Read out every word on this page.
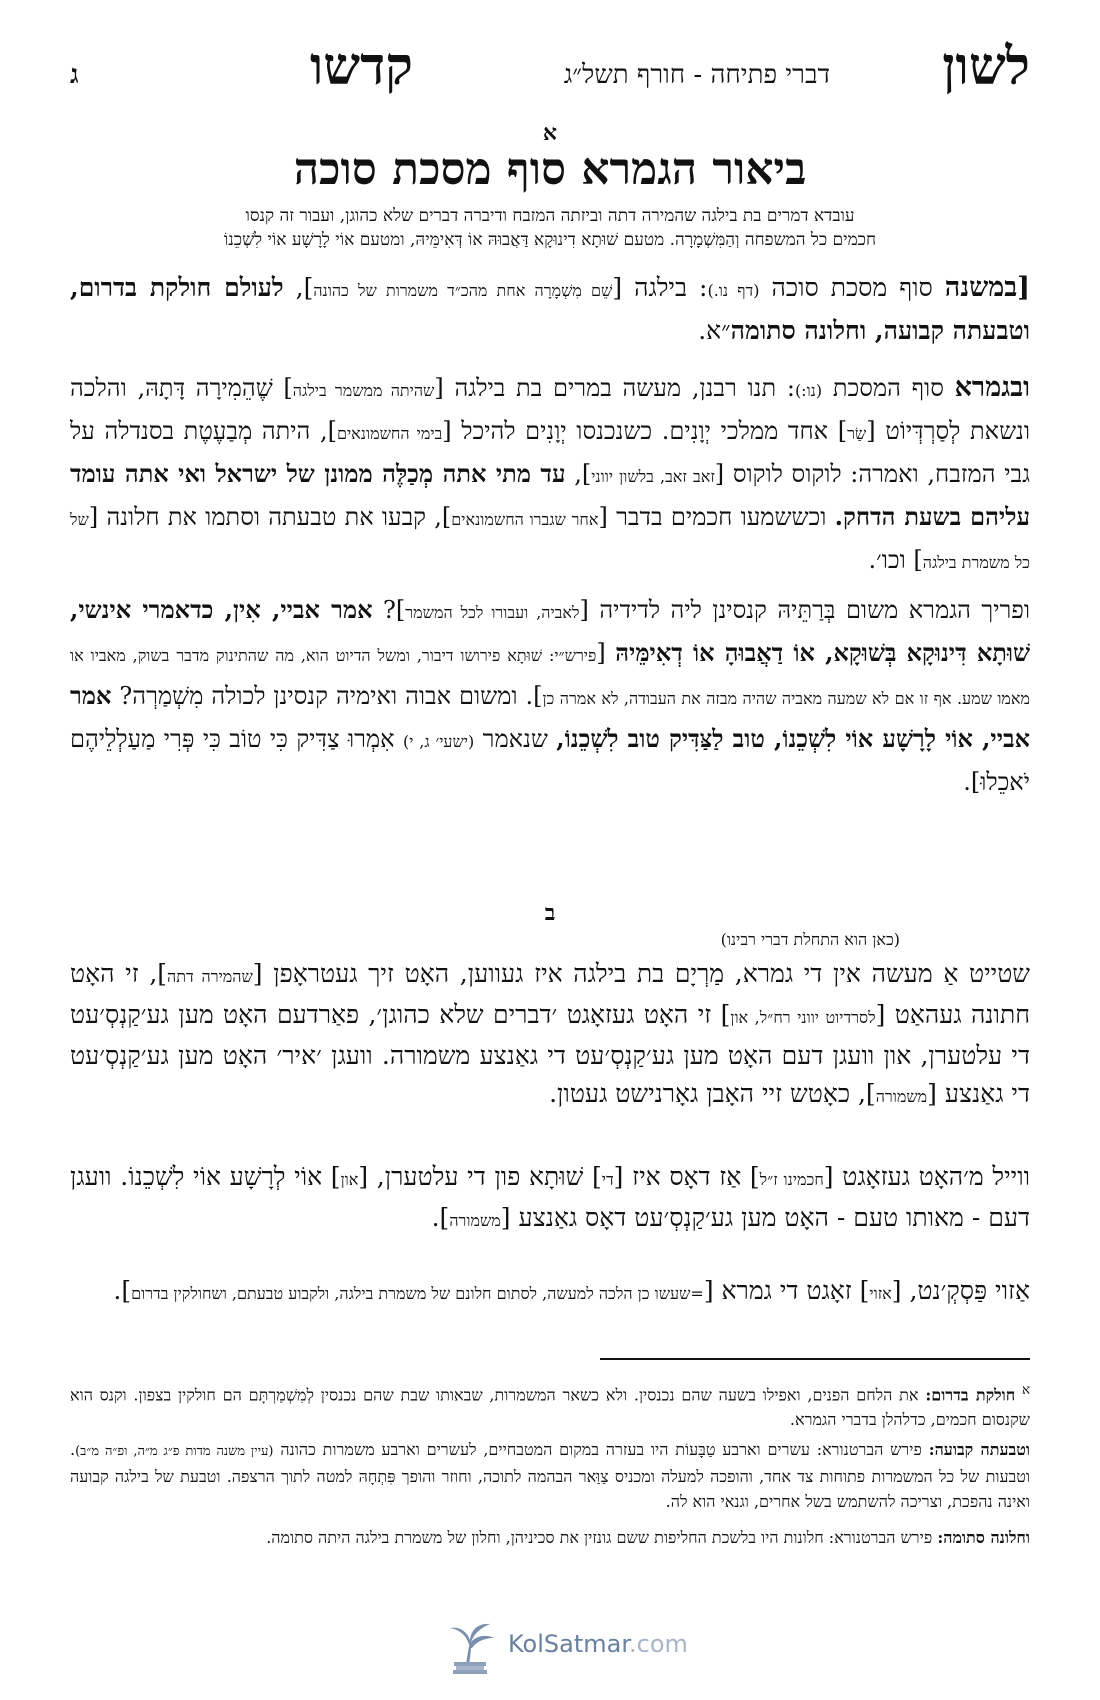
לשון
דברי פתיחה - חורף תשל״ג
קדשו
ג
א
ביאור הגמרא סוף מסכת סוכה
עובדא דמרים בת בילגה שהמירה דתה וביזתה המזבח ודיברה דברים שלא כהוגן, ועבור זה קנסו
חכמים כל המשפחה וְהַמִּשְׁמָרָה. מטעם שׁוּתָא דִינוּקָא דַּאֲבוּהּ אוֹ דְּאִימֵּיהּ, ומטעם אוֹי לָרָשָׁע אוֹי לִשְׁכֵנוֹ
[במשנה סוף מסכת סוכה (דף נו.): בילגה [שֵׁם מִשְׁמָרָה אחת מהכ״ד משמרות של כהונה], לעולם חולקת בדרום, וטבעתה קבועה, וחלונה סתומה״א.
ובגמרא סוף המסכת (נו:): תנו רבנן, מעשה במרים בת בילגה [שהיתה ממשמר בילגה] שֶׁהֵמִירָה דָּתָהּ, והלכה ונשאת לְסַרְדְּיוֹט [שַׂר] אחד ממלכי יְוָנִים. כשנכנסו יְוָנִים להיכל [בימי החשמונאים], היתה מְבַעֶטֶת בסנדלה על גבי המזבח, ואמרה: לוקוס לוקוס [זאב זאב, בלשון יווני], עד מתי אתה מְכַלֶּה ממונן של ישראל ואי אתה עומד עליהם בשעת הדחק. וכששמעו חכמים בדבר [אחר שגברו החשמונאים], קבעו את טבעתה וסתמו את חלונה [של כל משמרת בילגה] וכו׳.
ופריך הגמרא משום בְּרַתֵּיהּ קנסינן ליה לדידיה [לאביה, ועבורו לכל המשמר]? אמר אביי, אִין, כדאמרי אינשי, שׁוּתָא דִּינוּקָא בְּשׁוּקָא, אוֹ דַאֲבוּהָ אוֹ דְאִימֵּיהּ [פירש״י: שׁוּתָא פירושו דיבור, ומשל הדיוט הוא, מה שהתינוק מדבר בשוק, מאביו או מאמו שמע. אף זו אם לא שמעה מאביה שהיה מבזה את העבודה, לא אמרה כן]. ומשום אבוה ואימיה קנסינן לכולה מִשְׁמַרְה? אמר אביי, אוֹי לָרָשָׁע אוֹי לִשְׁכֵנוֹ, טוב לַצַּדִּיק טוב לִשְׁכֵנוֹ, שנאמר (ישעי׳ ג, י) אִמְרוּ צַדִּיק כִּי טוֹב כִּי פְּרִי מַעַלְלֵיהֶם יֹאכֵלוּ].
ב
(כאן הוא התחלת דברי רבינו)
שטייט אַ מעשה אין די גמרא, מַרְיָם בת בילגה איז געווען, האָט זיך געטראָפן [שהמירה דתה], זי האָט חתונה געהאַט [לסרדיוט יווני רח״ל, און] זי האָט געזאָגט ׳דברים שלא כהוגן׳, פאַרדעם האָט מען גע׳קַנְסְ׳עט די עלטערן, און וועגן דעם האָט מען גע׳קַנְסְ׳עט די גאַנצע משמורה. וועגן ׳איר׳ האָט מען גע׳קַנְסְ׳עט די גאַנצע [משמורה], כאָטש זיי האָבן גאָרנישט געטון.
ווייל מ׳האָט געזאָגט [חכמינו ז״ל] אַז דאָס איז [די] שׁוּתָא פון די עלטערן, [און] אוֹי לְרָשָׁע אוֹי לִשְׁכֵנוֹ. וועגן דעם - מאותו טעם - האָט מען גע׳קַנְסְ׳עט דאָס גאַנצע [משמורה].
אַזוי פַּסְקְ׳נט, [אזוי] זאָגט די גמרא [=שעשו כן הלכה למעשה, לסתום חלונם של משמרת בילגה, ולקבוע טבעתם, ושחולקין בדרום].
$^א$ חולקת בדרום: את הלחם הפנים, ואפילו בשעה שהם נכנסין. ולא כשאר המשמרות, שבאותו שבת שהם נכנסין לְמִשְׁמַרְתָּם הם חולקין בצפון. וקנס הוא שקנסום חכמים, כדלהלן בדברי הגמרא.
וטבעתה קבועה: פירש הברטנורא: עשרים וארבע טַבָּעוֹת היו בעזרה במקום המטבחיים, לעשרים וארבע משמרות כהונה (עיין משנה מדות פ״ג מ״ה, ופ״ה מ״ב). וטבעות של כל המשמרות פתוחות צד אחד, והופכה למעלה ומכניס צַוַּאר הבהמה לתוכה, וחוזר והופך פִּתְחָהּ למטה לתוך הרצפה. וטבעת של בילגה קבועה ואינה נהפכת, וצריכה להשתמש בשל אחרים, וגנאי הוא לה.
וחלונה סתומה: פירש הברטנורא: חלונות היו בלשכת החליפות ששם גונזין את סכיניהן, וחלון של משמרת בילגה היתה סתומה.
KolSatmar.com
